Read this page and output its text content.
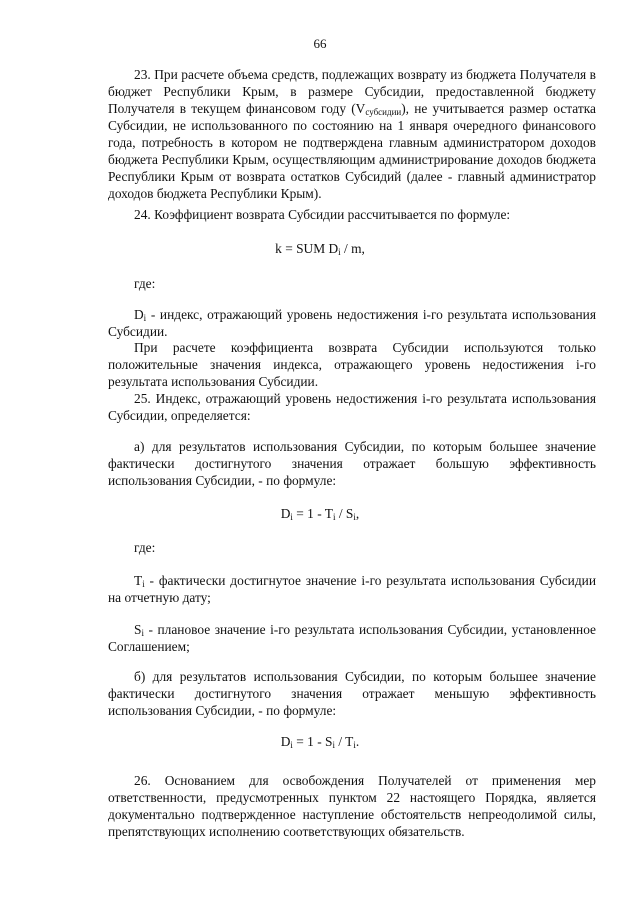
66

23. При расчете объема средств, подлежащих возврату из бюджета Получателя в бюджет Республики Крым, в размере Субсидии, предоставленной бюджету Получателя в текущем финансовом году $(V_{субсидии})$, не учитывается размер остатка Субсидии, не использованного по состоянию на 1 января очередного финансового года, потребность в котором не подтверждена главным администратором доходов бюджета Республики Крым, осуществляющим администрирование доходов бюджета Республики Крым от возврата остатков Субсидий (далее - главный администратор доходов бюджета Республики Крым).

24. Коэффициент возврата Субсидии рассчитывается по формуле:

k = SUM $D_i$ / m,
где:

$D_i$ - индекс, отражающий уровень недостижения i-го результата использования Субсидии.

При расчете коэффициента возврата Субсидии используются только положительные значения индекса, отражающего уровень недостижения i-го результата использования Субсидии.

25. Индекс, отражающий уровень недостижения i-го результата использования Субсидии, определяется:

а) для результатов использования Субсидии, по которым большее значение фактически достигнутого значения отражает большую эффективность использования Субсидии, - по формуле:

$D_i = 1 - T_i / S_i$,
где:

$T_i$ - фактически достигнутое значение i-го результата использования Субсидии на отчетную дату;

$S_i$ - плановое значение i-го результата использования Субсидии, установленное Соглашением;

б) для результатов использования Субсидии, по которым большее значение фактически достигнутого значения отражает меньшую эффективность использования Субсидии, - по формуле:

$D_i = 1 - S_i / T_i$.

26. Основанием для освобождения Получателей от применения мер ответственности, предусмотренных пунктом 22 настоящего Порядка, является документально подтвержденное наступление обстоятельств непреодолимой силы, препятствующих исполнению соответствующих обязательств.
